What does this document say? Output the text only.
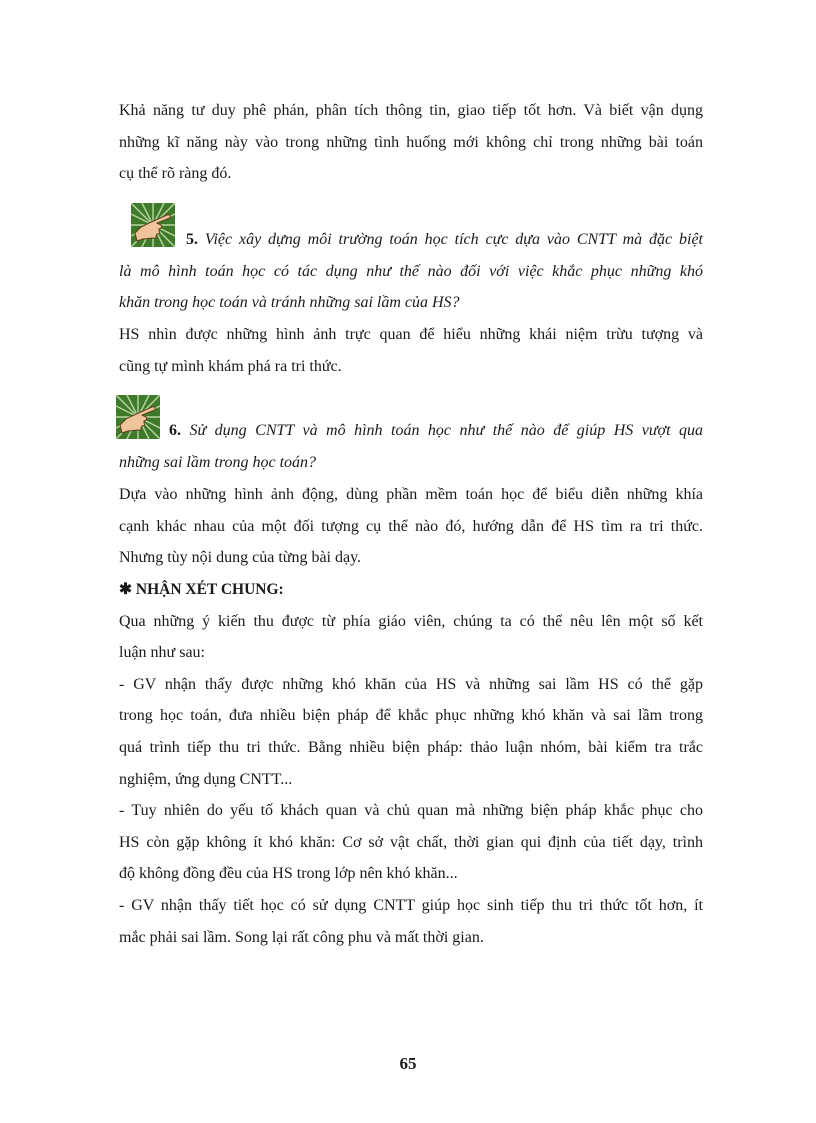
Khả năng tư duy phê phán, phân tích thông tin, giao tiếp tốt hơn. Và biết vận dụng
những kĩ năng này vào trong những tình huống mới không chỉ trong những bài toán
cụ thể rõ ràng đó.
5. Việc xây dựng môi trường toán học tích cực dựa vào CNTT mà đặc biệt
là mô hình toán học có tác dụng như thế nào đối với việc khắc phục những khó
khăn trong học toán và tránh những sai lầm của HS?
HS nhìn được những hình ảnh trực quan để hiểu những khái niệm trừu tượng và
cũng tự mình khám phá ra tri thức.
6. Sử dụng CNTT và mô hình toán học như thế nào để giúp HS vượt qua
những sai lầm trong học toán?
Dựa vào những hình ảnh động, dùng phần mềm toán học để biểu diễn những khía
cạnh khác nhau của một đối tượng cụ thể nào đó, hướng dẫn để HS tìm ra tri thức.
Nhưng tùy nội dung của từng bài dạy.
✱ NHẬN XÉT CHUNG:
Qua những ý kiến thu được từ phía giáo viên, chúng ta có thể nêu lên một số kết
luận như sau:
- GV nhận thấy được những khó khăn của HS và những sai lầm HS có thể gặp
trong học toán, đưa nhiều biện pháp để khắc phục những khó khăn và sai lầm trong
quá trình tiếp thu tri thức. Bằng nhiều biện pháp: thảo luận nhóm, bài kiểm tra trắc
nghiệm, ứng dụng CNTT...
- Tuy nhiên do yếu tố khách quan và chủ quan mà những biện pháp khắc phục cho
HS còn gặp không ít khó khăn: Cơ sở vật chất, thời gian qui định của tiết dạy, trình
độ không đồng đều của HS trong lớp nên khó khăn...
- GV nhận thấy tiết học có sử dụng CNTT giúp học sinh tiếp thu tri thức tốt hơn, ít
mắc phải sai lầm. Song lại rất công phu và mất thời gian.
65
